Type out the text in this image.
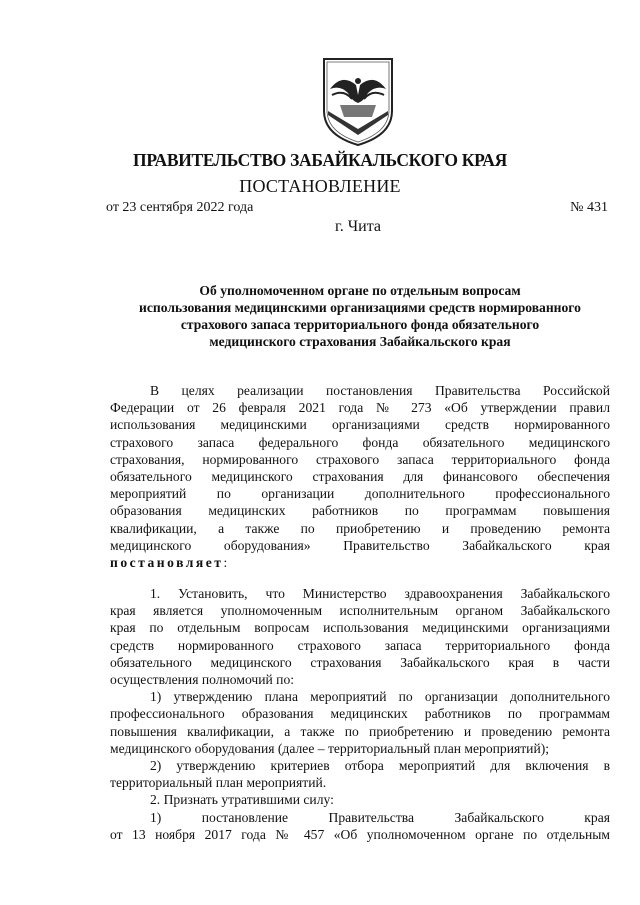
ПРАВИТЕЛЬСТВО ЗАБАЙКАЛЬСКОГО КРАЯ
ПОСТАНОВЛЕНИЕ
от 23 сентября 2022 года	№ 431
г. Чита
Об уполномоченном органе по отдельным вопросам
использования медицинскими организациями средств нормированного
страхового запаса территориального фонда обязательного
медицинского страхования Забайкальского края
В целях реализации постановления Правительства Российской
Федерации от 26 февраля 2021 года № 273 «Об утверждении правил
использования медицинскими организациями средств нормированного
страхового запаса федерального фонда обязательного медицинского
страхования, нормированного страхового запаса территориального фонда
обязательного медицинского страхования для финансового обеспечения
мероприятий по организации дополнительного профессионального
образования медицинских работников по программам повышения
квалификации, а также по приобретению и проведению ремонта
медицинского оборудования» Правительство Забайкальского края
постановляет:
1. Установить, что Министерство здравоохранения Забайкальского
края является уполномоченным исполнительным органом Забайкальского
края по отдельным вопросам использования медицинскими организациями
средств нормированного страхового запаса территориального фонда
обязательного медицинского страхования Забайкальского края в части
осуществления полномочий по:
1) утверждению плана мероприятий по организации дополнительного
профессионального образования медицинских работников по программам
повышения квалификации, а также по приобретению и проведению ремонта
медицинского оборудования (далее – территориальный план мероприятий);
2) утверждению критериев отбора мероприятий для включения в
территориальный план мероприятий.
2. Признать утратившими силу:
1) постановление Правительства Забайкальского края
от 13 ноября 2017 года № 457 «Об уполномоченном органе по отдельным
